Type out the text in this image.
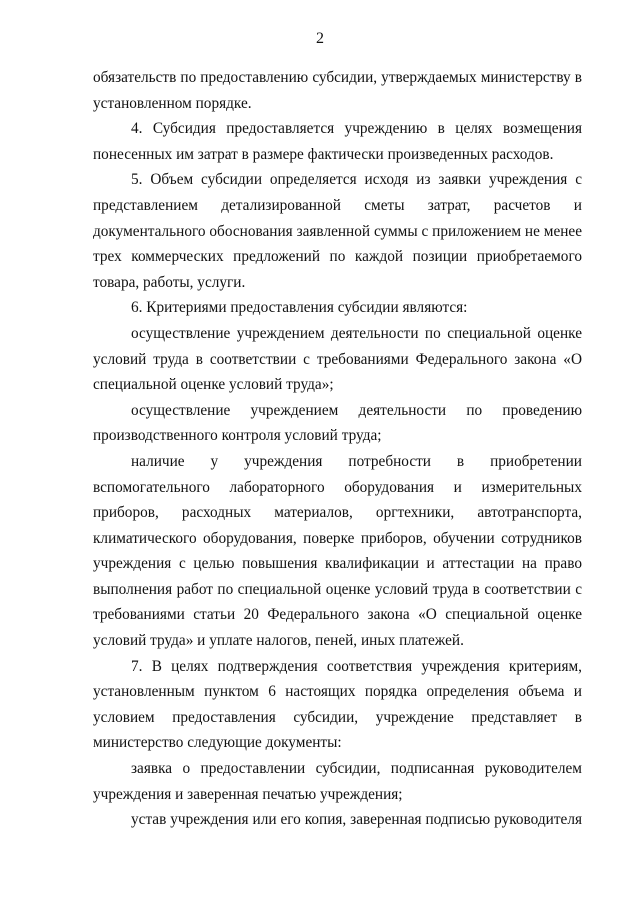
2

обязательств по предоставлению субсидии, утверждаемых министерству в установленном порядке.

4. Субсидия предоставляется учреждению в целях возмещения понесенных им затрат в размере фактически произведенных расходов.

5. Объем субсидии определяется исходя из заявки учреждения с представлением детализированной сметы затрат, расчетов и документального обоснования заявленной суммы с приложением не менее трех коммерческих предложений по каждой позиции приобретаемого товара, работы, услуги.

6. Критериями предоставления субсидии являются:

осуществление учреждением деятельности по специальной оценке условий труда в соответствии с требованиями Федерального закона «О специальной оценке условий труда»;

осуществление учреждением деятельности по проведению производственного контроля условий труда;

наличие у учреждения потребности в приобретении вспомогательного лабораторного оборудования и измерительных приборов, расходных материалов, оргтехники, автотранспорта, климатического оборудования, поверке приборов, обучении сотрудников учреждения с целью повышения квалификации и аттестации на право выполнения работ по специальной оценке условий труда в соответствии с требованиями статьи 20 Федерального закона «О специальной оценке условий труда» и уплате налогов, пеней, иных платежей.

7. В целях подтверждения соответствия учреждения критериям, установленным пунктом 6 настоящих порядка определения объема и условием предоставления субсидии, учреждение представляет в министерство следующие документы:

заявка о предоставлении субсидии, подписанная руководителем учреждения и заверенная печатью учреждения;

устав учреждения или его копия, заверенная подписью руководителя
